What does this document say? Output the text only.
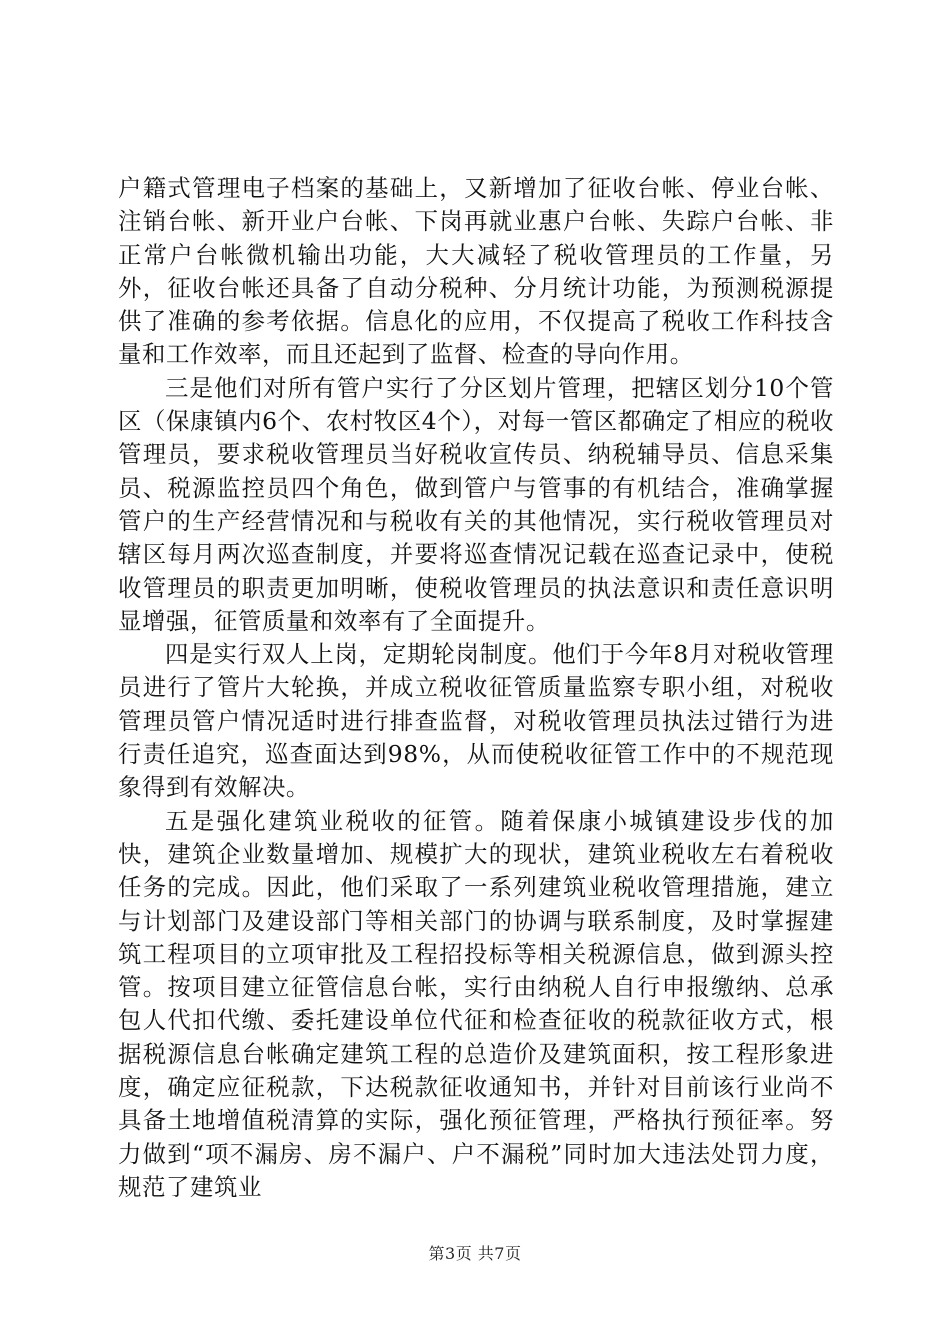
户籍式管理电子档案的基础上，又新增加了征收台帐、停业台帐、注销台帐、新开业户台帐、下岗再就业惠户台帐、失踪户台帐、非正常户台帐微机输出功能，大大减轻了税收管理员的工作量，另外，征收台帐还具备了自动分税种、分月统计功能，为预测税源提供了准确的参考依据。信息化的应用，不仅提高了税收工作科技含量和工作效率，而且还起到了监督、检查的导向作用。

三是他们对所有管户实行了分区划片管理，把辖区划分10个管区（保康镇内6个、农村牧区4个），对每一管区都确定了相应的税收管理员，要求税收管理员当好税收宣传员、纳税辅导员、信息采集员、税源监控员四个角色，做到管户与管事的有机结合，准确掌握管户的生产经营情况和与税收有关的其他情况，实行税收管理员对辖区每月两次巡查制度，并要将巡查情况记载在巡查记录中，使税收管理员的职责更加明晰，使税收管理员的执法意识和责任意识明显增强，征管质量和效率有了全面提升。

四是实行双人上岗，定期轮岗制度。他们于今年8月对税收管理员进行了管片大轮换，并成立税收征管质量监察专职小组，对税收管理员管户情况适时进行排查监督，对税收管理员执法过错行为进行责任追究，巡查面达到98%，从而使税收征管工作中的不规范现象得到有效解决。

五是强化建筑业税收的征管。随着保康小城镇建设步伐的加快，建筑企业数量增加、规模扩大的现状，建筑业税收左右着税收任务的完成。因此，他们采取了一系列建筑业税收管理措施，建立与计划部门及建设部门等相关部门的协调与联系制度，及时掌握建筑工程项目的立项审批及工程招投标等相关税源信息，做到源头控管。按项目建立征管信息台帐，实行由纳税人自行申报缴纳、总承包人代扣代缴、委托建设单位代征和检查征收的税款征收方式，根据税源信息台帐确定建筑工程的总造价及建筑面积，按工程形象进度，确定应征税款，下达税款征收通知书，并针对目前该行业尚不具备土地增值税清算的实际，强化预征管理，严格执行预征率。努力做到“项不漏房、房不漏户、户不漏税”同时加大违法处罚力度，规范了建筑业

第3页 共7页
